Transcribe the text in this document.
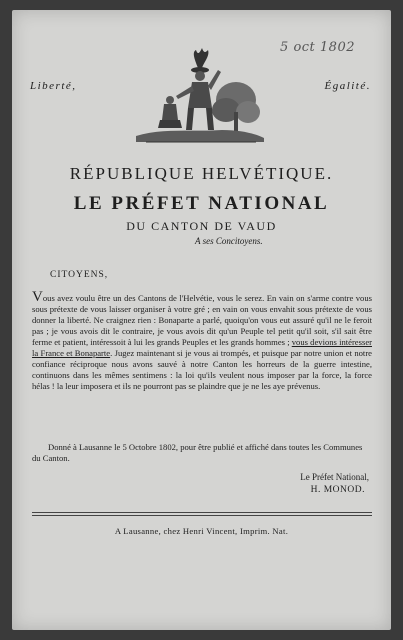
5 oct 1802
Liberté,	Égalité.
RÉPUBLIQUE HELVÉTIQUE.
LE PRÉFET NATIONAL
DU CANTON DE VAUD
A ses Concitoyens.
CITOYENS,

Vous avez voulu être un des Cantons de l'Helvétie, vous le serez. En vain on s'arme contre vous sous prétexte de vous laisser organiser à votre gré ; en vain on vous envahit sous prétexte de vous donner la liberté. Ne craignez rien : Bonaparte a parlé, quoiqu'on vous eut assuré qu'il ne le feroit pas ; je vous avois dit le contraire, je vous avois dit qu'un Peuple tel petit qu'il soit, s'il sait être ferme et patient, intéressoit à lui les grands Peuples et les grands hommes ; vous devions intéresser la France et Bonaparte. Jugez maintenant si je vous ai trompés, et puisque par notre union et notre confiance réciproque nous avons sauvé à notre Canton les horreurs de la guerre intestine, continuons dans les mêmes sentimens : la loi qu'ils veulent nous imposer par la force, la force hélas ! la leur imposera et ils ne pourront pas se plaindre que je ne les aye prévenus.

Donné à Lausanne le 5 Octobre 1802, pour être publié et affiché dans toutes les Communes du Canton.

Le Préfet National,
H. MONOD.
A Lausanne, chez Henri Vincent, Imprim. Nat.
